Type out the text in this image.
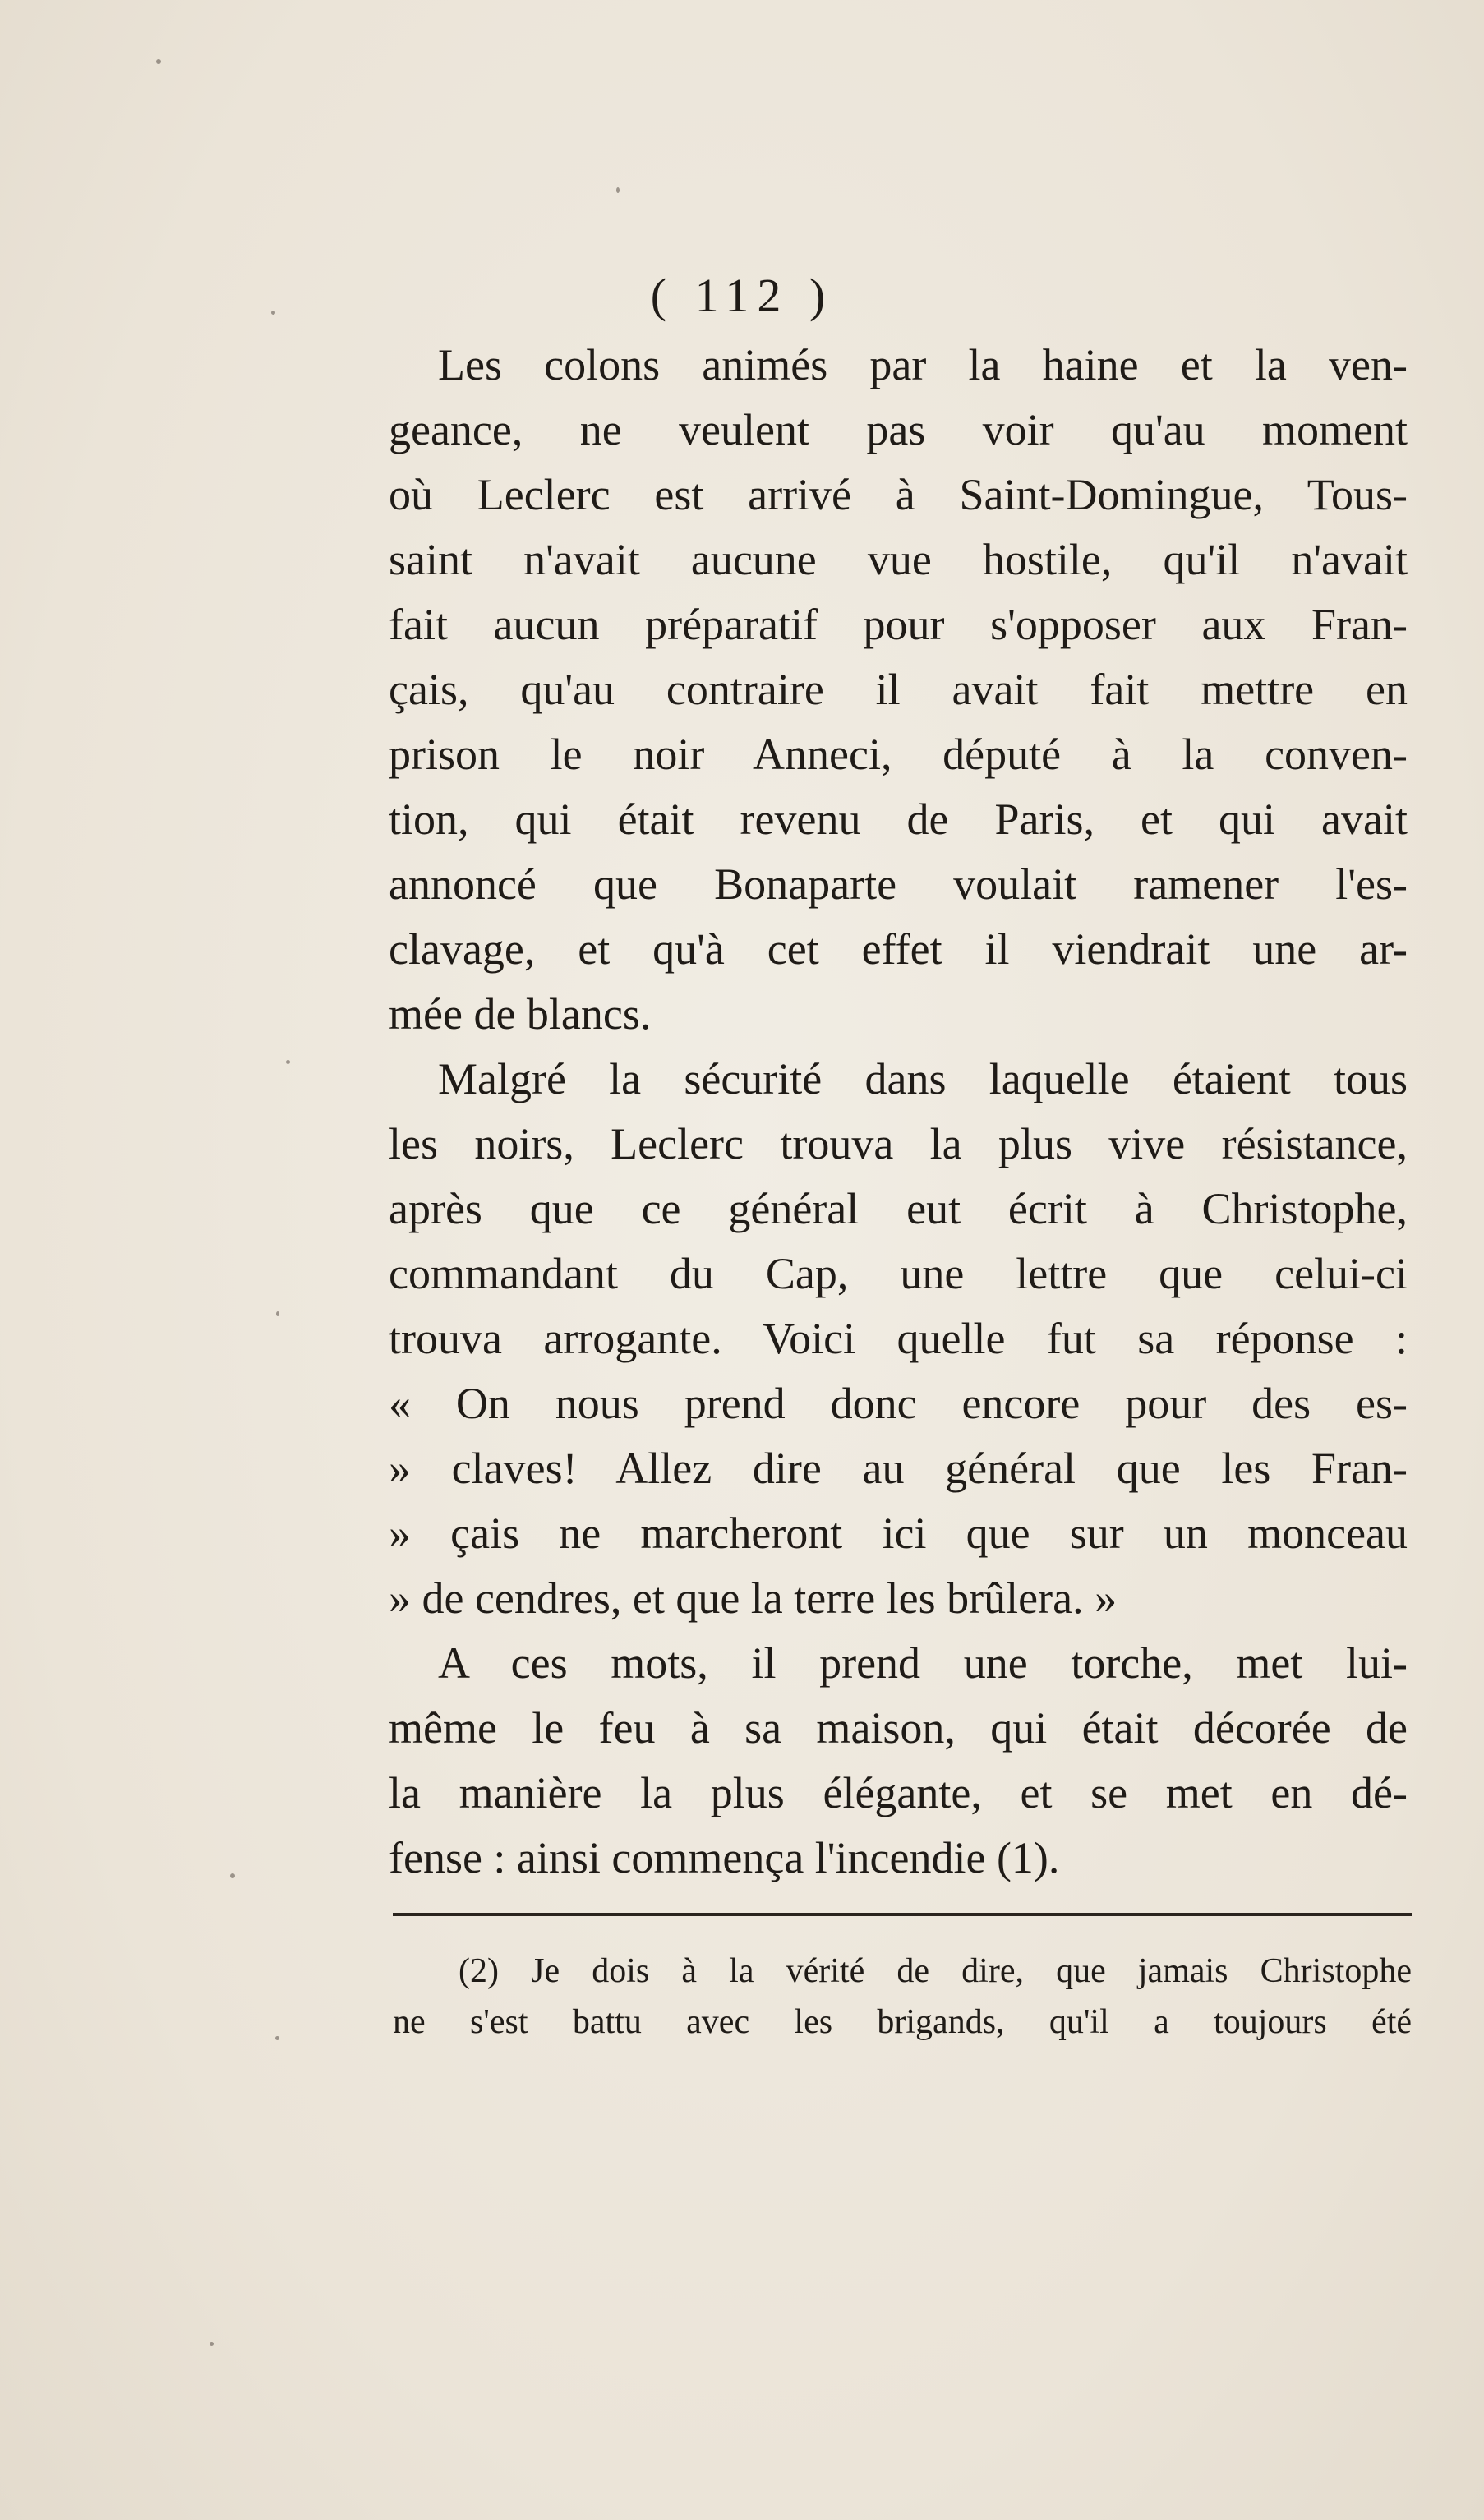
( 112 )
Les colons animés par la haine et la ven-
geance, ne veulent pas voir qu'au moment
où Leclerc est arrivé à Saint-Domingue, Tous-
saint n'avait aucune vue hostile, qu'il n'avait
fait aucun préparatif pour s'opposer aux Fran-
çais, qu'au contraire il avait fait mettre en
prison le noir Anneci, député à la conven-
tion, qui était revenu de Paris, et qui avait
annoncé que Bonaparte voulait ramener l'es-
clavage, et qu'à cet effet il viendrait une ar-
mée de blancs.
Malgré la sécurité dans laquelle étaient tous
les noirs, Leclerc trouva la plus vive résistance,
après que ce général eut écrit à Christophe,
commandant du Cap, une lettre que celui-ci
trouva arrogante. Voici quelle fut sa réponse :
« On nous prend donc encore pour des es-
» claves! Allez dire au général que les Fran-
» çais ne marcheront ici que sur un monceau
» de cendres, et que la terre les brûlera. »
A ces mots, il prend une torche, met lui-
même le feu à sa maison, qui était décorée de
la manière la plus élégante, et se met en dé-
fense : ainsi commença l'incendie (1).
(2) Je dois à la vérité de dire, que jamais Christophe
ne s'est battu avec les brigands, qu'il a toujours été
